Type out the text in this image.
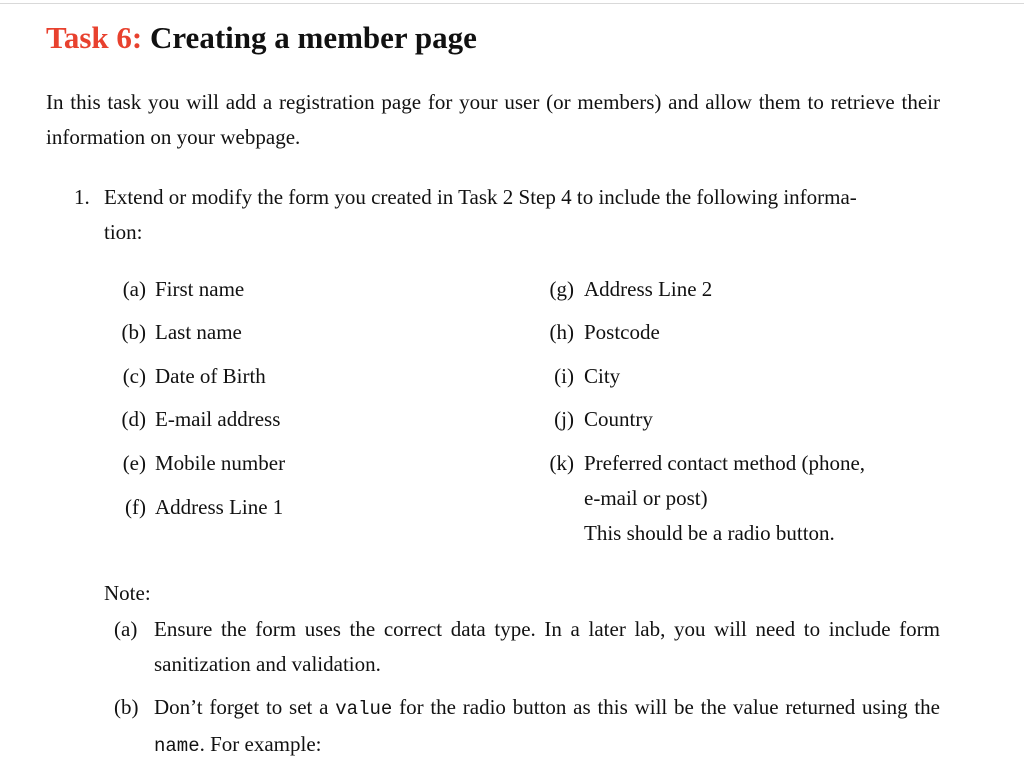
Task 6: Creating a member page
In this task you will add a registration page for your user (or members) and allow them to retrieve their information on your webpage.
1. Extend or modify the form you created in Task 2 Step 4 to include the following informa-
tion:
(a) First name
(b) Last name
(c) Date of Birth
(d) E-mail address
(e) Mobile number
(f) Address Line 1
(g) Address Line 2
(h) Postcode
(i) City
(j) Country
(k) Preferred contact method (phone,
e-mail or post)
This should be a radio button.
Note:
(a) Ensure the form uses the correct data type. In a later lab, you will need to include form sanitization and validation.
(b) Don’t forget to set a value for the radio button as this will be the value returned using the name. For example:
